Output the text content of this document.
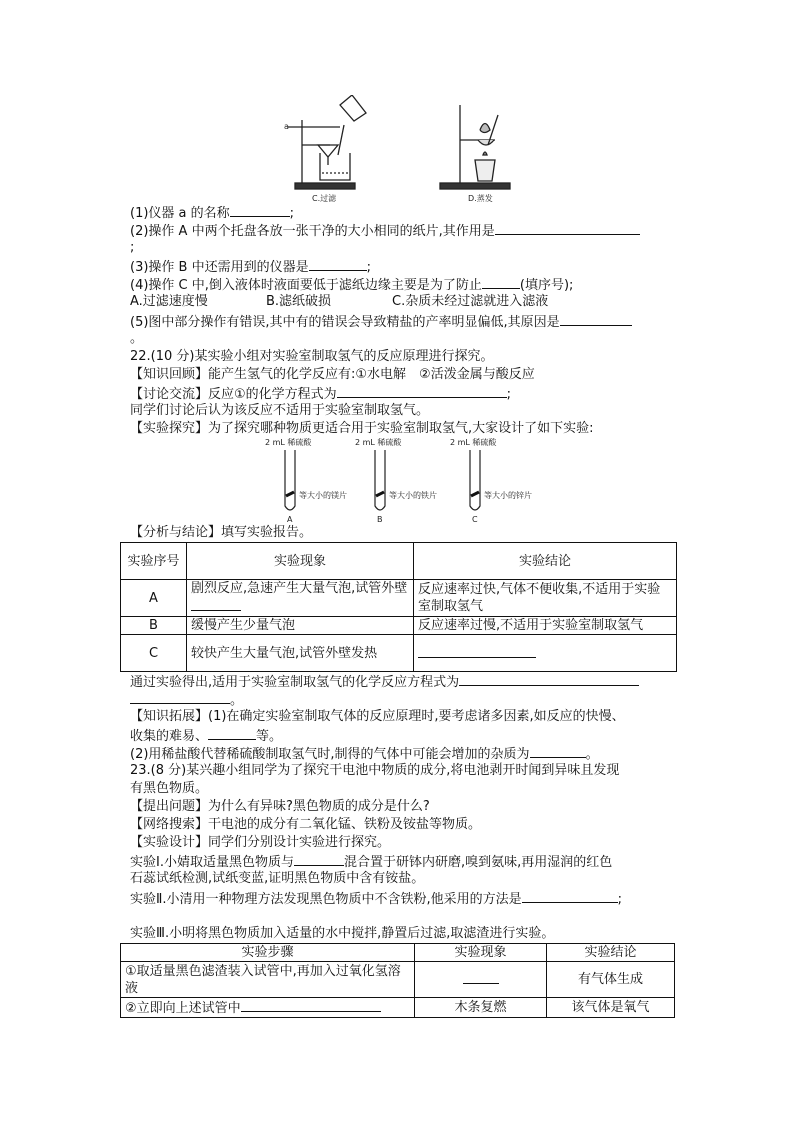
a
C.过滤	D.蒸发
(1)仪器 a 的名称	;
(2)操作 A 中两个托盘各放一张干净的大小相同的纸片,其作用是
;
(3)操作 B 中还需用到的仪器是	;
(4)操作 C 中,倒入液体时液面要低于滤纸边缘主要是为了防止	(填序号);
A.过滤速度慢	B.滤纸破损	C.杂质未经过滤就进入滤液
(5)图中部分操作有错误,其中有的错误会导致精盐的产率明显偏低,其原因是
。
22.(10 分)某实验小组对实验室制取氢气的反应原理进行探究。
【知识回顾】能产生氢气的化学反应有:①水电解　②活泼金属与酸反应
【讨论交流】反应①的化学方程式为	;
同学们讨论后认为该反应不适用于实验室制取氢气。
【实验探究】为了探究哪种物质更适合用于实验室制取氢气,大家设计了如下实验:
2 mL 稀硫酸
等大小的镁片
A
2 mL 稀硫酸
等大小的铁片
B
2 mL 稀硫酸
等大小的锌片
C
【分析与结论】填写实验报告。
实验序号	实验现象	实验结论
A	剧烈反应,急速产生大量气泡,试管外壁	反应速率过快,气体不便收集,不适用于实验室制取氢气
B	缓慢产生少量气泡	反应速率过慢,不适用于实验室制取氢气
C	较快产生大量气泡,试管外壁发热	
通过实验得出,适用于实验室制取氢气的化学反应方程式为
。
【知识拓展】(1)在确定实验室制取气体的反应原理时,要考虑诸多因素,如反应的快慢、
收集的难易、	等。
(2)用稀盐酸代替稀硫酸制取氢气时,制得的气体中可能会增加的杂质为	。
23.(8 分)某兴趣小组同学为了探究干电池中物质的成分,将电池剥开时闻到异味且发现
有黑色物质。
【提出问题】为什么有异味?黑色物质的成分是什么?
【网络搜索】干电池的成分有二氧化锰、铁粉及铵盐等物质。
【实验设计】同学们分别设计实验进行探究。
实验Ⅰ.小婧取适量黑色物质与	混合置于研钵内研磨,嗅到氨味,再用湿润的红色
石蕊试纸检测,试纸变蓝,证明黑色物质中含有铵盐。
实验Ⅱ.小清用一种物理方法发现黑色物质中不含铁粉,他采用的方法是	;
实验Ⅲ.小明将黑色物质加入适量的水中搅拌,静置后过滤,取滤渣进行实验。
实验步骤	实验现象	实验结论
①取适量黑色滤渣装入试管中,再加入过氧化氢溶液		有气体生成
②立即向上述试管中	木条复燃	该气体是氧气
